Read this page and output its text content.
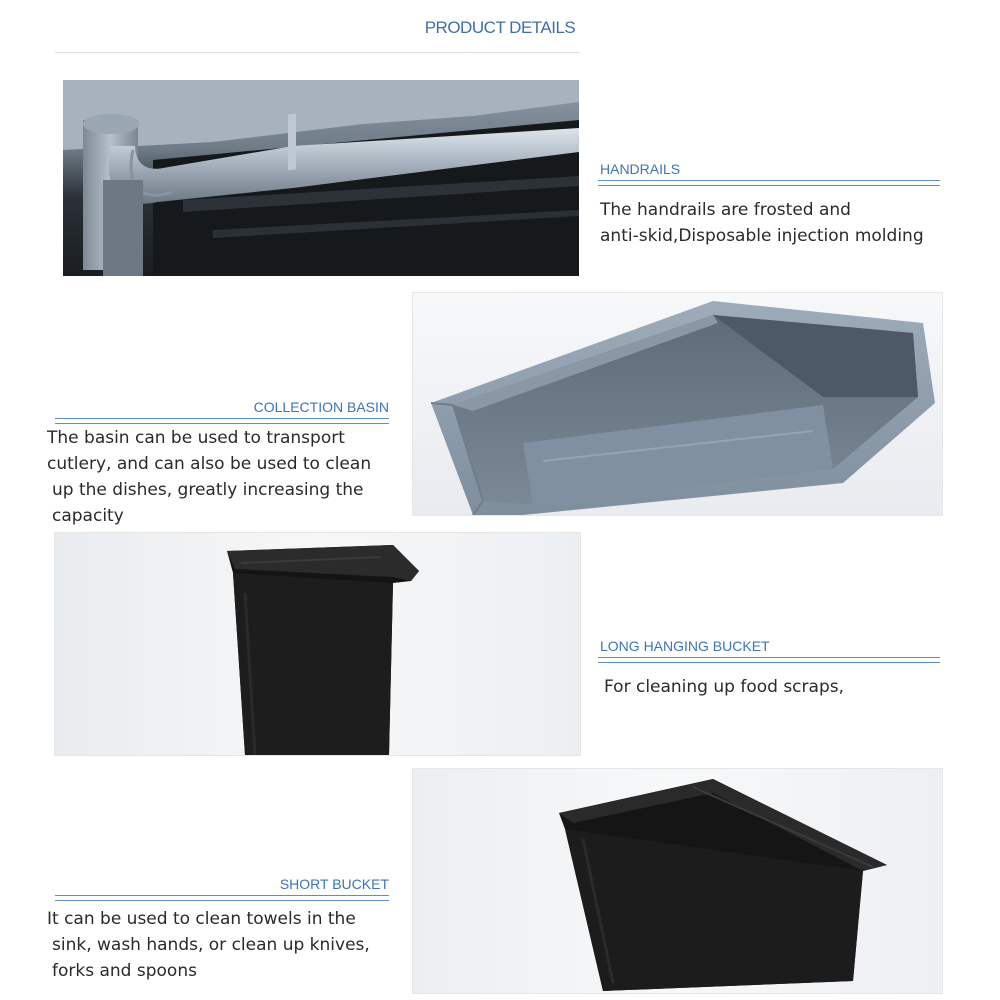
PRODUCT DETAILS
HANDRAILS
The handrails are frosted and
anti-skid,Disposable injection molding
COLLECTION BASIN
The basin can be used to transport
cutlery, and can also be used to clean
up the dishes, greatly increasing the
capacity
LONG HANGING BUCKET
For cleaning up food scraps,
SHORT BUCKET
It can be used to clean towels in the
sink, wash hands, or clean up knives,
forks and spoons
